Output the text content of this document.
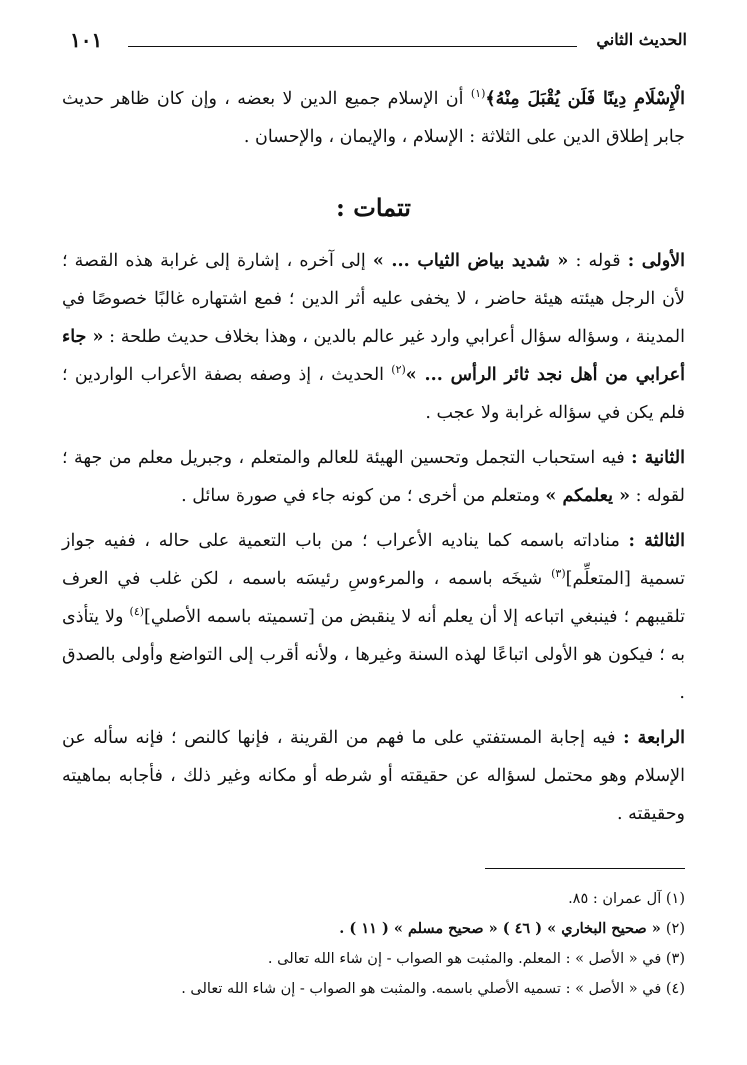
الحديث الثاني
١٠١
الْإِسْلَامِ دِينًا فَلَن يُقْبَلَ مِنْهُ﴾$^{(١)}$ أن الإسلام جميع الدين لا بعضه ، وإن كان ظاهر حديث جابر إطلاق الدين على الثلاثة : الإسلام ، والإيمان ، والإحسان .
تتمات :

الأولى : قوله : « شديد بياض الثياب ... » إلى آخره ، إشارة إلى غرابة هذه القصة ؛ لأن الرجل هيئته هيئة حاضر ، لا يخفى عليه أثر الدين ؛ فمع اشتهاره غالبًا خصوصًا في المدينة ، وسؤاله سؤال أعرابي وارد غير عالم بالدين ، وهذا بخلاف حديث طلحة : « جاء أعرابي من أهل نجد ثائر الرأس ... »$^{(٢)}$ الحديث ، إذ وصفه بصفة الأعراب الواردين ؛ فلم يكن في سؤاله غرابة ولا عجب .

الثانية : فيه استحباب التجمل وتحسين الهيئة للعالم والمتعلم ، وجبريل معلم من جهة ؛ لقوله : « يعلمكم » ومتعلم من أخرى ؛ من كونه جاء في صورة سائل .

الثالثة : مناداته باسمه كما يناديه الأعراب ؛ من باب التعمية على حاله ، ففيه جواز تسمية [المتعلِّم]$^{(٣)}$ شيخَه باسمه ، والمرءوسِ رئيسَه باسمه ، لكن غلب في العرف تلقيبهم ؛ فينبغي اتباعه إلا أن يعلم أنه لا ينقبض من [تسميته باسمه الأصلي]$^{(٤)}$ ولا يتأذى به ؛ فيكون هو الأولى اتباعًا لهذه السنة وغيرها ، ولأنه أقرب إلى التواضع وأولى بالصدق .

الرابعة : فيه إجابة المستفتي على ما فهم من القرينة ، فإنها كالنص ؛ فإنه سأله عن الإسلام وهو محتمل لسؤاله عن حقيقته أو شرطه أو مكانه وغير ذلك ، فأجابه بماهيته وحقيقته .

(١) آل عمران : ٨٥.
(٢) « صحيح البخاري » ( ٤٦ ) « صحيح مسلم » ( ١١ ) .
(٣) في « الأصل » : المعلم. والمثبت هو الصواب - إن شاء الله تعالى .
(٤) في « الأصل » : تسميه الأصلي باسمه. والمثبت هو الصواب - إن شاء الله تعالى .
